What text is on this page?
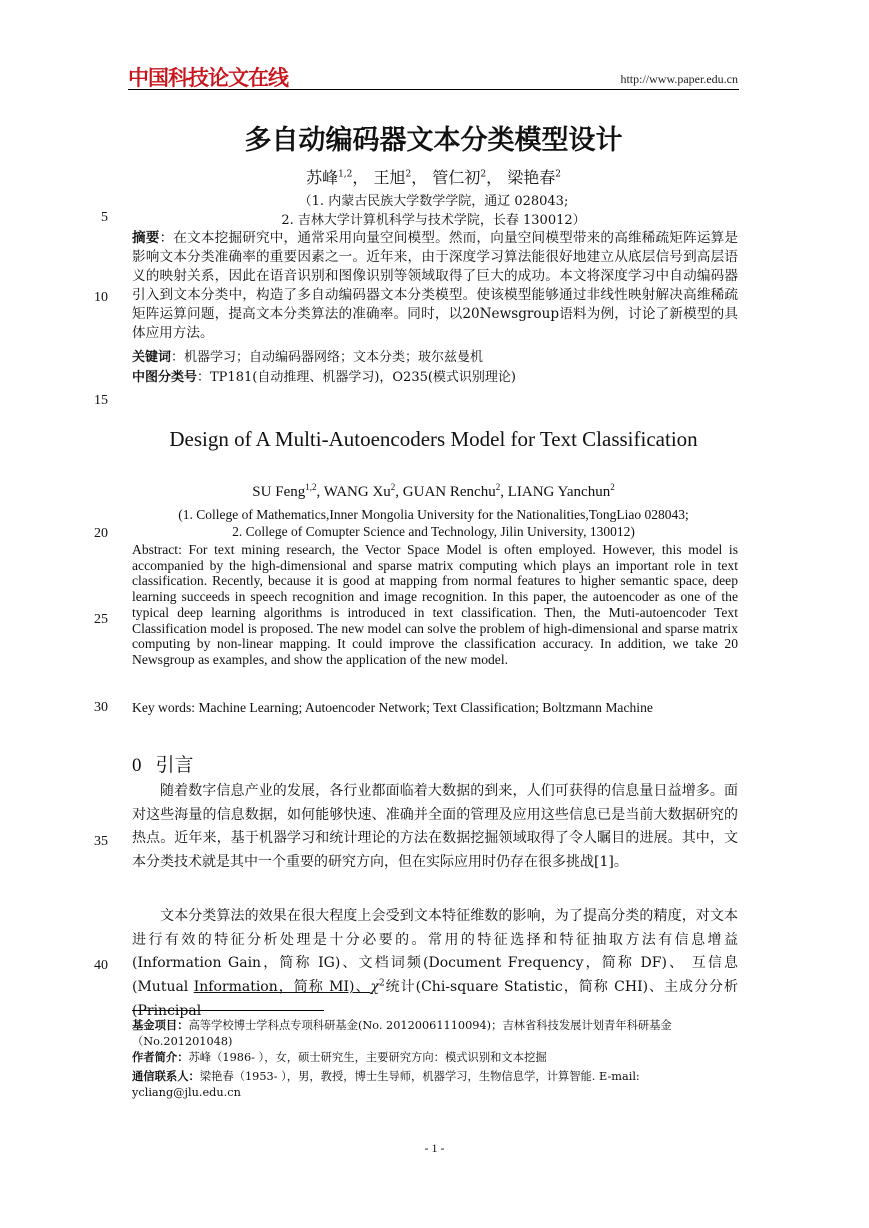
中国科技论文在线	http://www.paper.edu.cn
多自动编码器文本分类模型设计
苏峰$^{1,2}$， 王旭$^2$， 管仁初$^2$， 梁艳春$^2$
（1. 内蒙古民族大学数学学院，通辽 028043;
2. 吉林大学计算机科学与技术学院，长春 130012）
5
10
15
20
25
30
35
40
摘要：在文本挖掘研究中，通常采用向量空间模型。然而，向量空间模型带来的高维稀疏矩阵运算是影响文本分类准确率的重要因素之一。近年来，由于深度学习算法能很好地建立从底层信号到高层语义的映射关系，因此在语音识别和图像识别等领域取得了巨大的成功。本文将深度学习中自动编码器引入到文本分类中，构造了多自动编码器文本分类模型。使该模型能够通过非线性映射解决高维稀疏矩阵运算问题，提高文本分类算法的准确率。同时，以20Newsgroup语料为例，讨论了新模型的具体应用方法。
关键词：机器学习；自动编码器网络；文本分类；玻尔兹曼机
中图分类号：TP181(自动推理、机器学习)，O235(模式识别理论)
Design of A Multi-Autoencoders Model for Text Classification
SU Feng$^{1,2}$, WANG Xu$^2$, GUAN Renchu$^2$, LIANG Yanchun$^2$
(1. College of Mathematics,Inner Mongolia University for the Nationalities,TongLiao 028043;
2. College of Comupter Science and Technology, Jilin University, 130012)
Abstract: For text mining research, the Vector Space Model is often employed. However, this model is accompanied by the high-dimensional and sparse matrix computing which plays an important role in text classification. Recently, because it is good at mapping from normal features to higher semantic space, deep learning succeeds in speech recognition and image recognition. In this paper, the autoencoder as one of the typical deep learning algorithms is introduced in text classification. Then, the Muti-autoencoder Text Classification model is proposed. The new model can solve the problem of high-dimensional and sparse matrix computing by non-linear mapping. It could improve the classification accuracy. In addition, we take 20 Newsgroup as examples, and show the application of the new model.
Key words: Machine Learning; Autoencoder Network; Text Classification; Boltzmann Machine
0 引言
随着数字信息产业的发展，各行业都面临着大数据的到来，人们可获得的信息量日益增多。面对这些海量的信息数据，如何能够快速、准确并全面的管理及应用这些信息已是当前大数据研究的热点。近年来，基于机器学习和统计理论的方法在数据挖掘领域取得了令人瞩目的进展。其中，文本分类技术就是其中一个重要的研究方向，但在实际应用时仍存在很多挑战[1]。
文本分类算法的效果在很大程度上会受到文本特征维数的影响，为了提高分类的精度，对文本进行有效的特征分析处理是十分必要的。常用的特征选择和特征抽取方法有信息增益(Information Gain，简称 IG)、文档词频(Document Frequency，简称 DF)、 互信息(Mutual Information，简称 MI)、$\chi^2$统计(Chi-square Statistic，简称 CHI)、主成分分析(Principal
基金项目：高等学校博士学科点专项科研基金(No. 20120061110094)；吉林省科技发展计划青年科研基金（No.201201048)
作者简介：苏峰（1986- ），女，硕士研究生，主要研究方向：模式识别和文本挖掘
通信联系人：梁艳春（1953- ），男，教授，博士生导师，机器学习，生物信息学，计算智能. E-mail: ycliang@jlu.edu.cn
- 1 -
